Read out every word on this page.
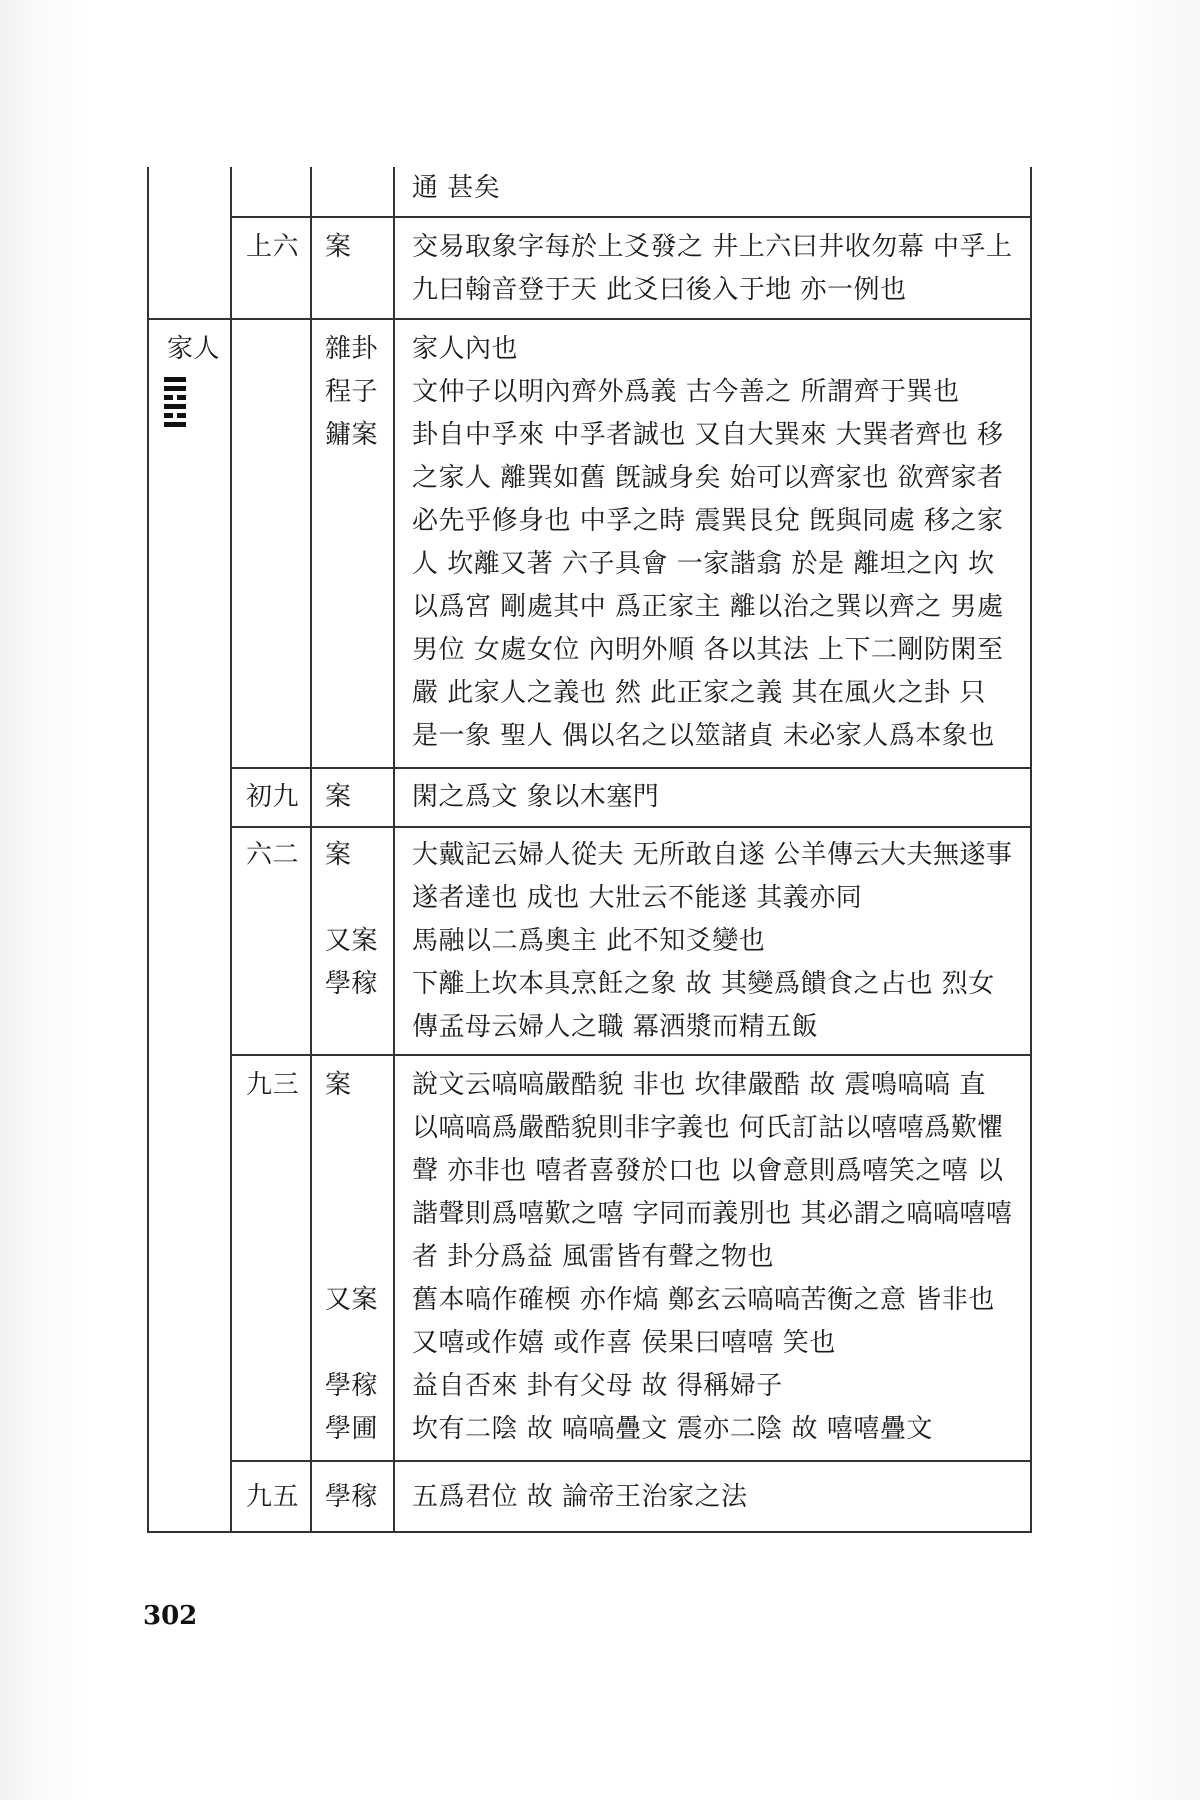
通 甚矣
上六 案 交易取象字每於上爻發之 井上六曰井收勿幕 中孚上
九曰翰音登于天 此爻曰後入于地 亦一例也
家人	雜卦
程子
鏞案
家人內也
文仲子以明內齊外爲義 古今善之 所謂齊于巽也
卦自中孚來 中孚者誠也 又自大巽來 大巽者齊也 移
之家人 離巽如舊 旣誠身矣 始可以齊家也 欲齊家者
必先乎修身也 中孚之時 震巽艮兌 旣與同處 移之家
人 坎離又著 六子具會 一家諧翕 於是 離坦之內 坎
以爲宮 剛處其中 爲正家主 離以治之巽以齊之 男處
男位 女處女位 內明外順 各以其法 上下二剛防閑至
嚴 此家人之義也 然 此正家之義 其在風火之卦 只
是一象 聖人 偶以名之以筮諸貞 未必家人爲本象也
初九 案 閑之爲文 象以木塞門
六二 案
又案
學稼
大戴記云婦人從夫 无所敢自遂 公羊傳云大夫無遂事
遂者達也 成也 大壯云不能遂 其義亦同
馬融以二爲奧主 此不知爻變也
下離上坎本具烹飪之象 故 其變爲饋食之占也 烈女
傳孟母云婦人之職 冪洒漿而精五飯
九三 案
又案
學稼
學圃
說文云嗃嗃嚴酷貌 非也 坎律嚴酷 故 震鳴嗃嗃 直
以嗃嗃爲嚴酷貌則非字義也 何氏訂詁以嘻嘻爲歎懼
聲 亦非也 嘻者喜發於口也 以會意則爲嘻笑之嘻 以
諧聲則爲嘻歎之嘻 字同而義別也 其必謂之嗃嗃嘻嘻
者 卦分爲益 風雷皆有聲之物也
舊本嗃作確㮕 亦作熇 鄭玄云嗃嗃苦𧗾之意 皆非也
又嘻或作嬉 或作喜 侯果曰嘻嘻 笑也
益自否來 卦有父母 故 得稱婦子
坎有二陰 故 嗃嗃疊文 震亦二陰 故 嘻嘻疊文
九五 學稼 五爲君位 故 論帝王治家之法
302
